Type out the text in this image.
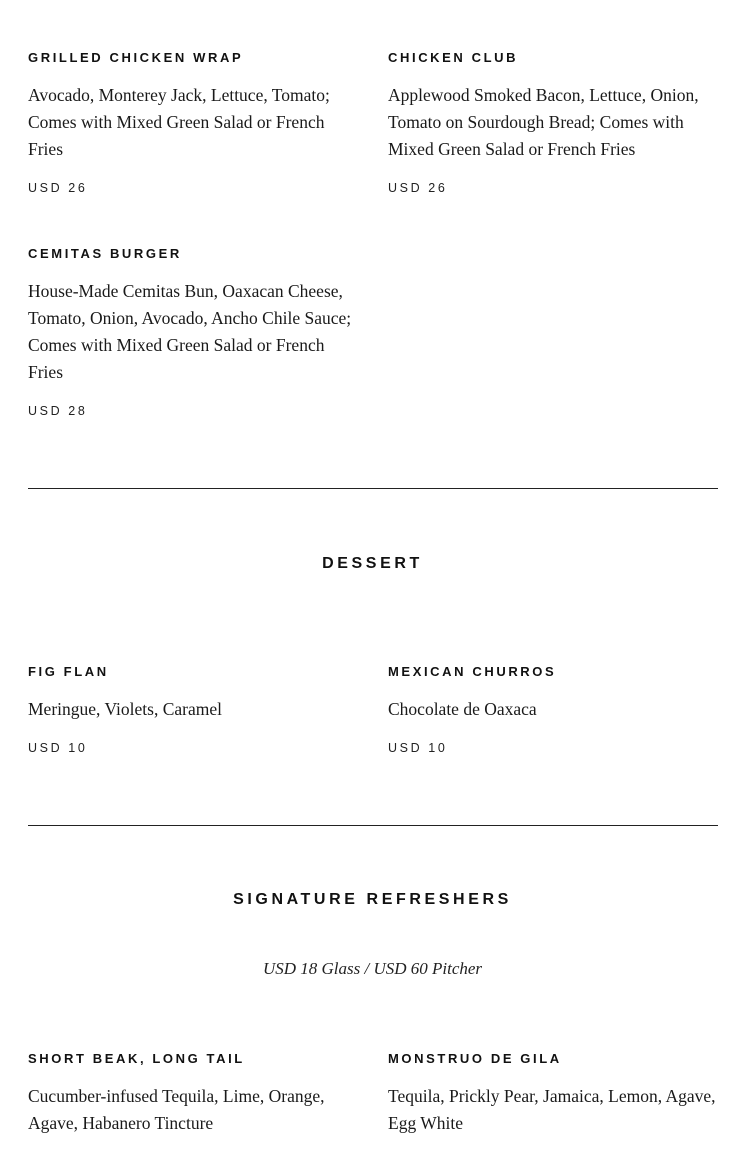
GRILLED CHICKEN WRAP

Avocado, Monterey Jack, Lettuce, Tomato; Comes with Mixed Green Salad or French Fries

USD 26

CHICKEN CLUB

Applewood Smoked Bacon, Lettuce, Onion, Tomato on Sourdough Bread; Comes with Mixed Green Salad or French Fries

USD 26

CEMITAS BURGER

House-Made Cemitas Bun, Oaxacan Cheese, Tomato, Onion, Avocado, Ancho Chile Sauce; Comes with Mixed Green Salad or French Fries

USD 28

DESSERT
FIG FLAN

Meringue, Violets, Caramel

USD 10

MEXICAN CHURROS

Chocolate de Oaxaca

USD 10

SIGNATURE REFRESHERS

USD 18 Glass / USD 60 Pitcher

SHORT BEAK, LONG TAIL

Cucumber-infused Tequila, Lime, Orange, Agave, Habanero Tincture

MONSTRUO DE GILA

Tequila, Prickly Pear, Jamaica, Lemon, Agave, Egg White
